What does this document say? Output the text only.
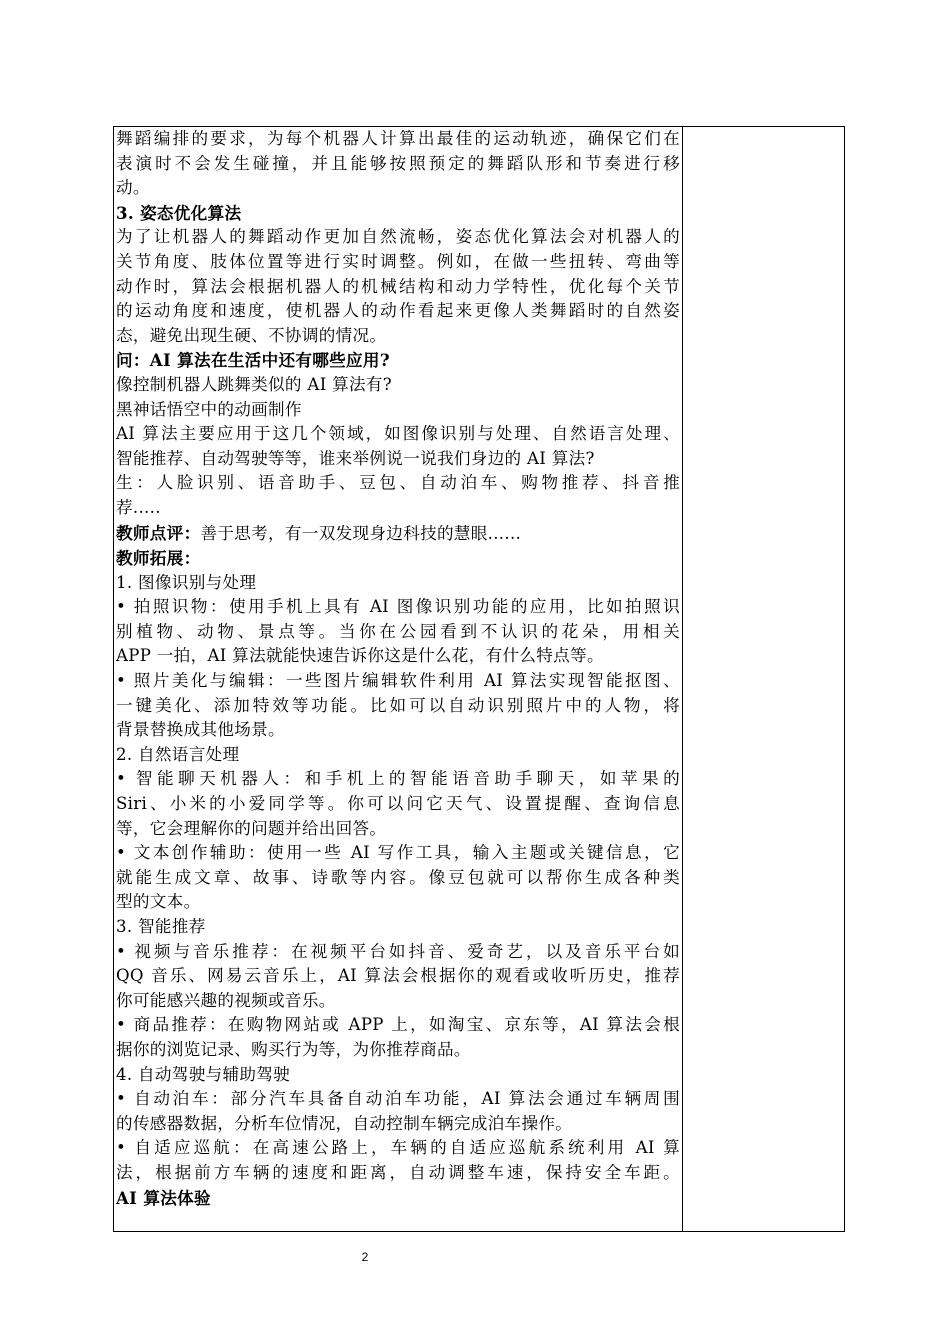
舞蹈编排的要求，为每个机器人计算出最佳的运动轨迹，确保它们在
表演时不会发生碰撞，并且能够按照预定的舞蹈队形和节奏进行移
动。
3. 姿态优化算法
为了让机器人的舞蹈动作更加自然流畅，姿态优化算法会对机器人的
关节角度、肢体位置等进行实时调整。例如，在做一些扭转、弯曲等
动作时，算法会根据机器人的机械结构和动力学特性，优化每个关节
的运动角度和速度，使机器人的动作看起来更像人类舞蹈时的自然姿
态，避免出现生硬、不协调的情况。
问：AI 算法在生活中还有哪些应用?
像控制机器人跳舞类似的 AI 算法有?
黑神话悟空中的动画制作
AI 算法主要应用于这几个领域，如图像识别与处理、自然语言处理、
智能推荐、自动驾驶等等，谁来举例说一说我们身边的 AI 算法?
生：人脸识别、语音助手、豆包、自动泊车、购物推荐、抖音推
荐.....
教师点评：善于思考，有一双发现身边科技的慧眼......
教师拓展：
1. 图像识别与处理
• 拍照识物：使用手机上具有 AI 图像识别功能的应用，比如拍照识
别植物、动物、景点等。当你在公园看到不认识的花朵，用相关
APP 一拍，AI 算法就能快速告诉你这是什么花，有什么特点等。
• 照片美化与编辑：一些图片编辑软件利用 AI 算法实现智能抠图、
一键美化、添加特效等功能。比如可以自动识别照片中的人物，将
背景替换成其他场景。
2. 自然语言处理
• 智能聊天机器人：和手机上的智能语音助手聊天，如苹果的
Siri、小米的小爱同学等。你可以问它天气、设置提醒、查询信息
等，它会理解你的问题并给出回答。
• 文本创作辅助：使用一些 AI 写作工具，输入主题或关键信息，它
就能生成文章、故事、诗歌等内容。像豆包就可以帮你生成各种类
型的文本。
3. 智能推荐
• 视频与音乐推荐：在视频平台如抖音、爱奇艺，以及音乐平台如
QQ 音乐、网易云音乐上，AI 算法会根据你的观看或收听历史，推荐
你可能感兴趣的视频或音乐。
• 商品推荐：在购物网站或 APP 上，如淘宝、京东等，AI 算法会根
据你的浏览记录、购买行为等，为你推荐商品。
4. 自动驾驶与辅助驾驶
• 自动泊车：部分汽车具备自动泊车功能，AI 算法会通过车辆周围
的传感器数据，分析车位情况，自动控制车辆完成泊车操作。
• 自适应巡航：在高速公路上，车辆的自适应巡航系统利用 AI 算
法，根据前方车辆的速度和距离，自动调整车速，保持安全车距。
AI 算法体验

2
